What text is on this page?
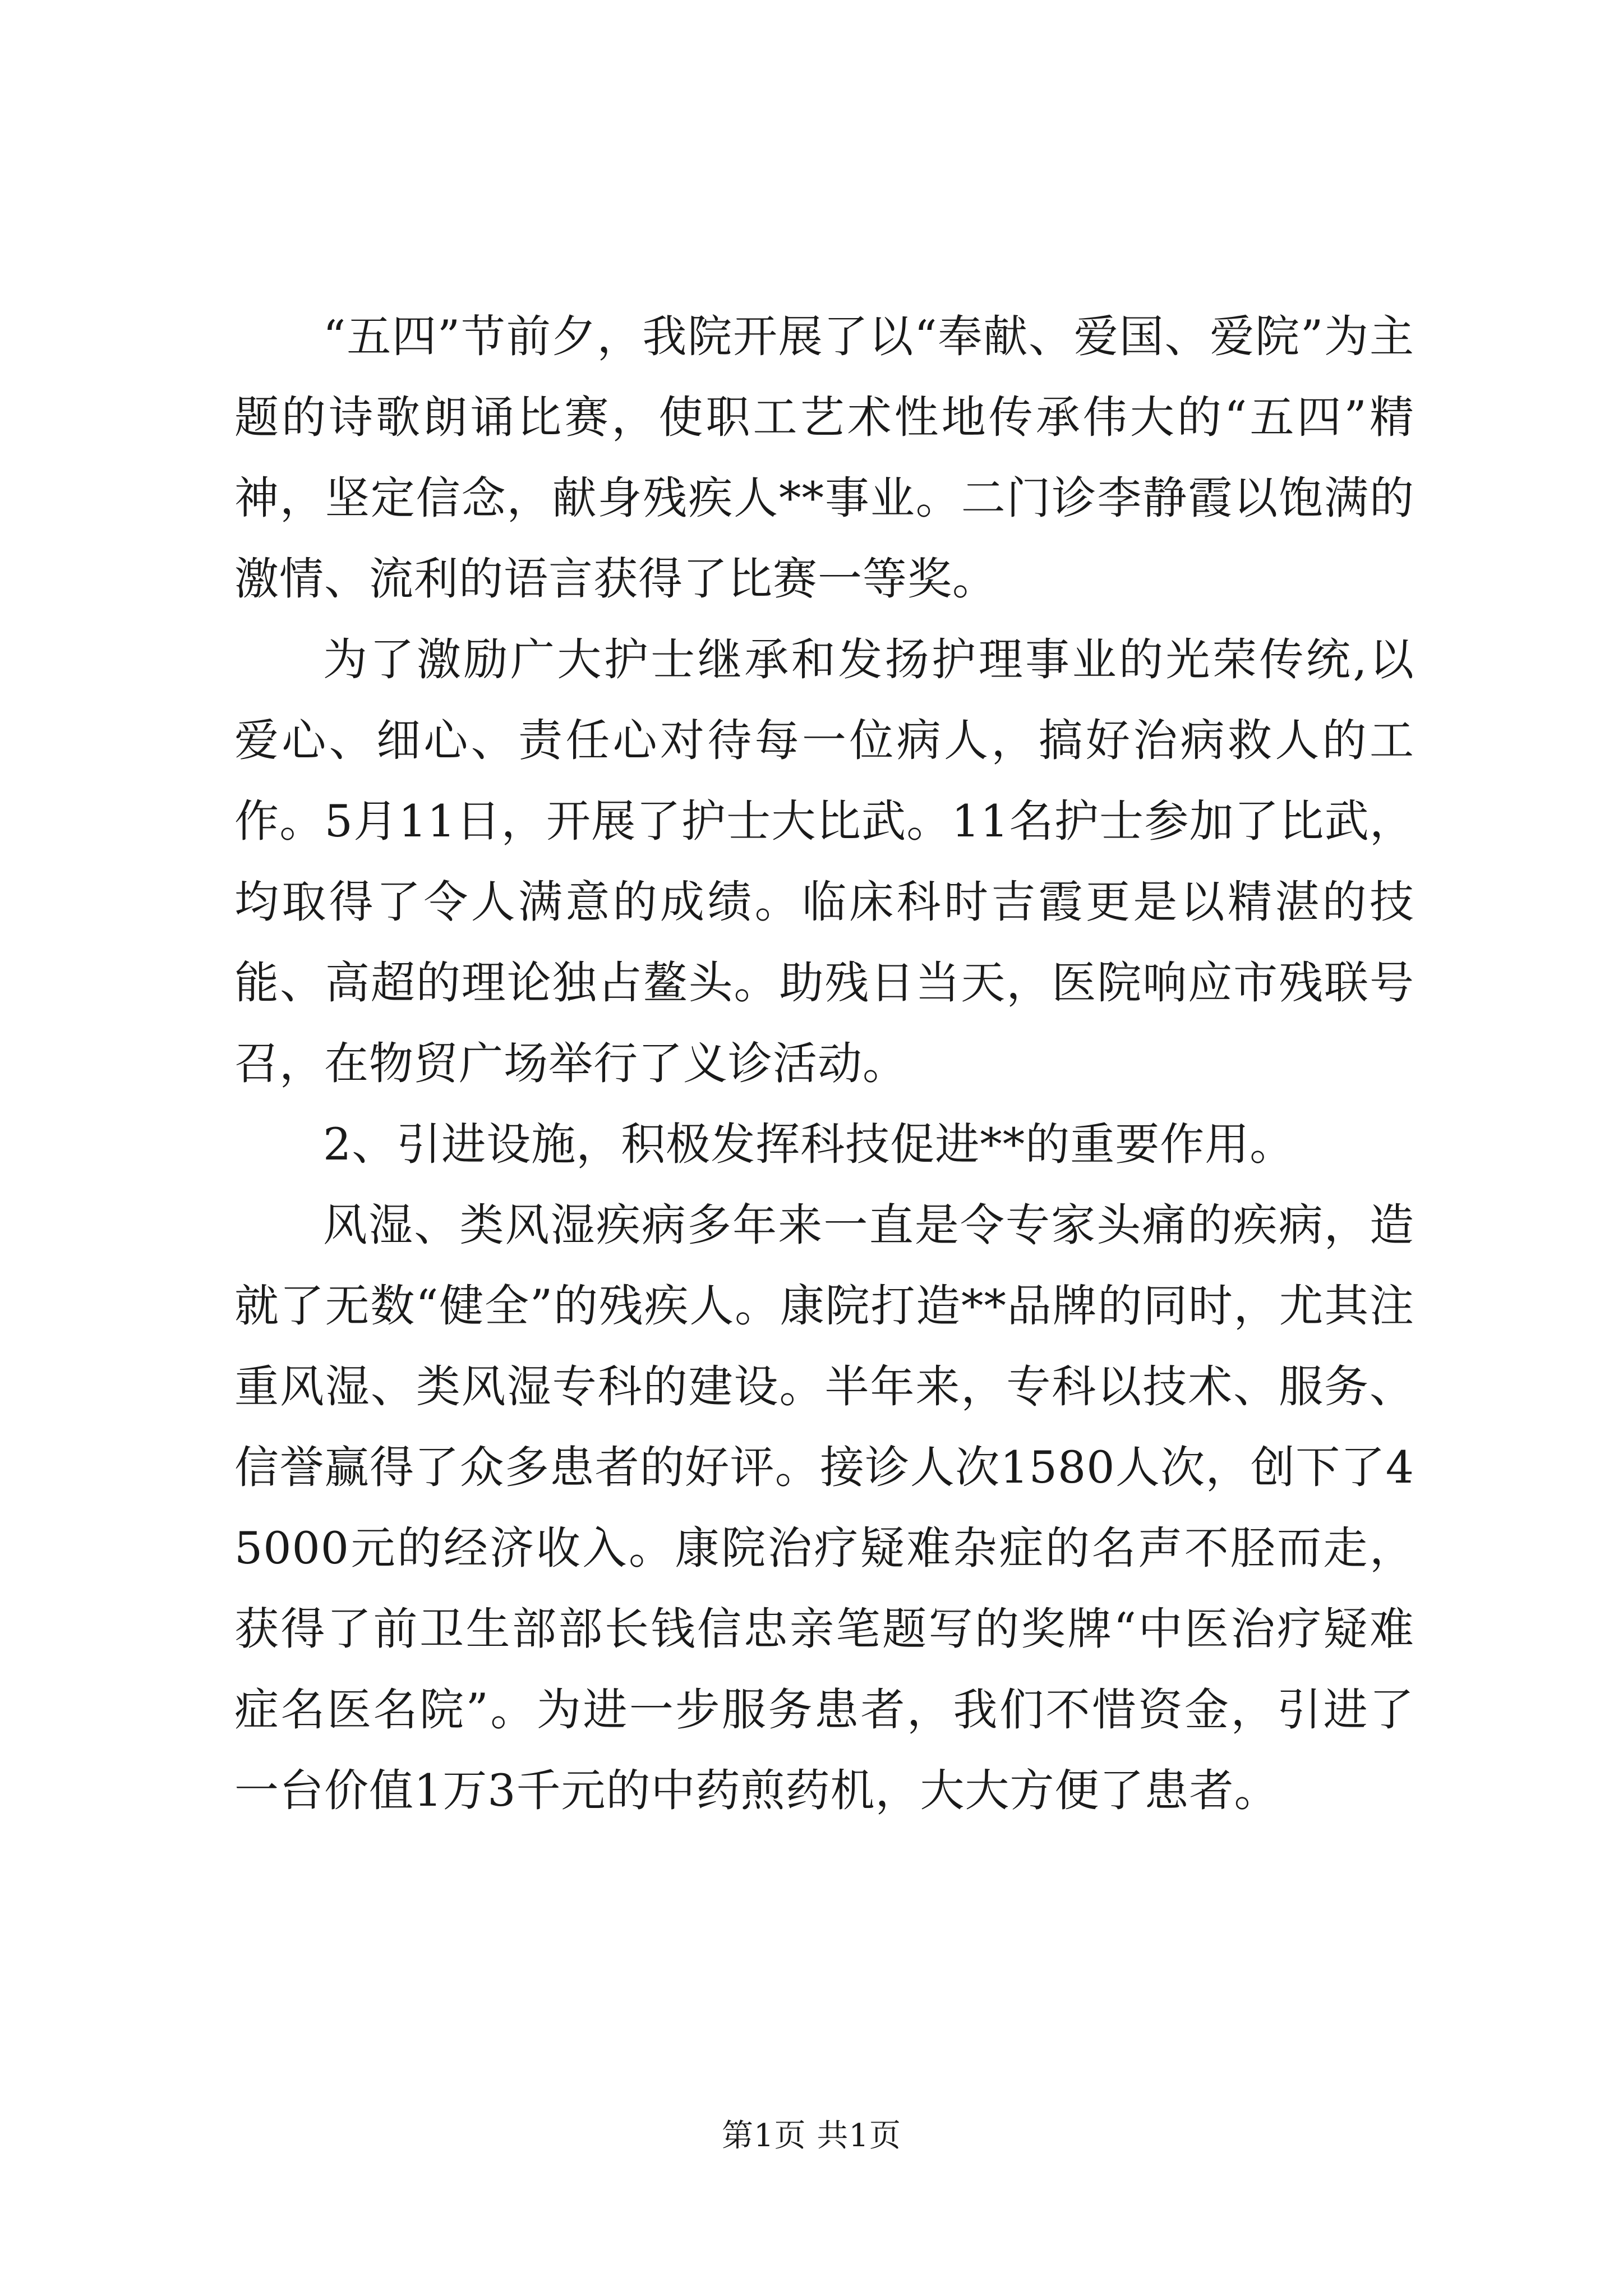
“五四”节前夕，我院开展了以“奉献、爱国、爱院”为主题的诗歌朗诵比赛，使职工艺术性地传承伟大的“五四”精神，坚定信念，献身残疾人**事业。二门诊李静霞以饱满的激情、流利的语言获得了比赛一等奖。

为了激励广大护士继承和发扬护理事业的光荣传统,以爱心、细心、责任心对待每一位病人，搞好治病救人的工作。5月11日，开展了护士大比武。11名护士参加了比武，均取得了令人满意的成绩。临床科时吉霞更是以精湛的技能、高超的理论独占鳌头。助残日当天，医院响应市残联号召，在物贸广场举行了义诊活动。

2、引进设施，积极发挥科技促进**的重要作用。

风湿、类风湿疾病多年来一直是令专家头痛的疾病，造就了无数“健全”的残疾人。康院打造**品牌的同时，尤其注重风湿、类风湿专科的建设。半年来，专科以技术、服务、信誉赢得了众多患者的好评。接诊人次1580人次，创下了45000元的经济收入。康院治疗疑难杂症的名声不胫而走，获得了前卫生部部长钱信忠亲笔题写的奖牌“中医治疗疑难症名医名院”。为进一步服务患者，我们不惜资金，引进了一台价值1万3千元的中药煎药机，大大方便了患者。

第1页 共1页
